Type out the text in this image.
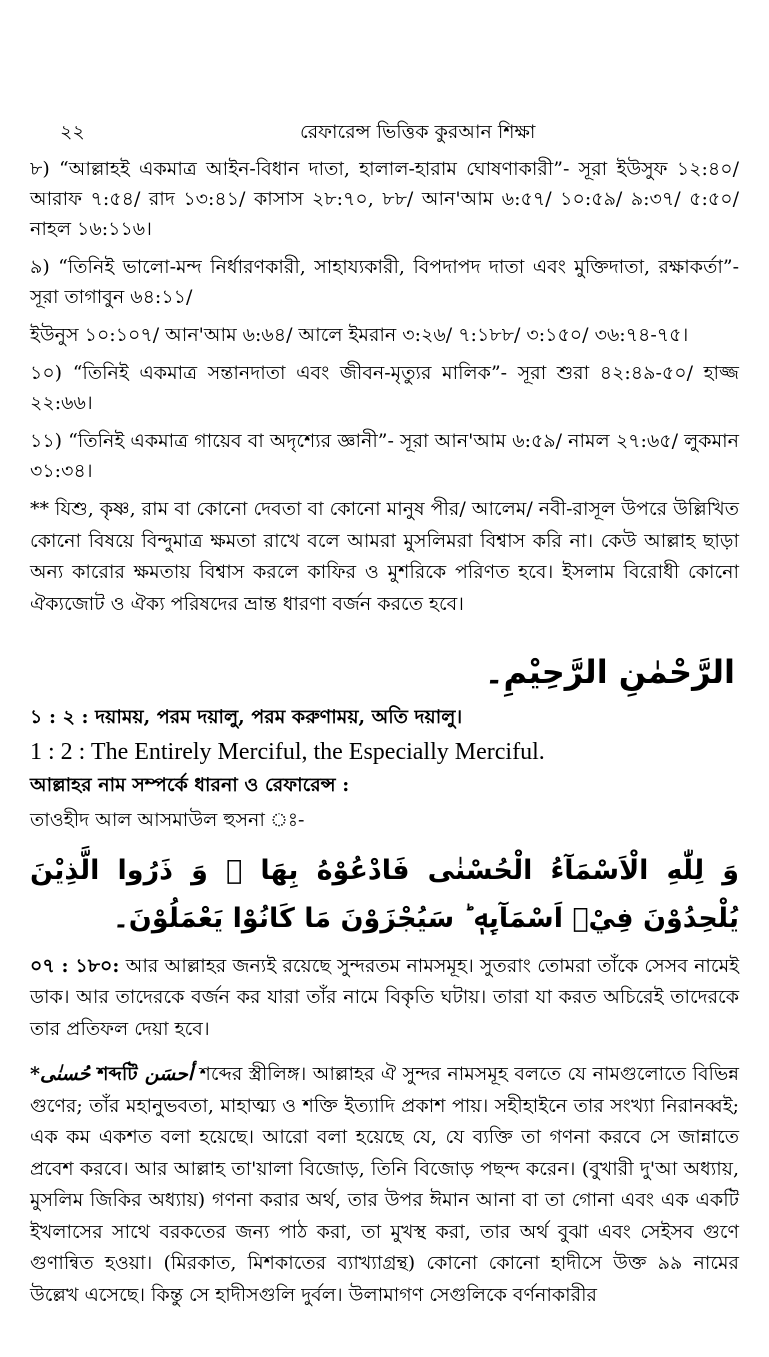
২২	রেফারেন্স ভিত্তিক কুরআন শিক্ষা

৮) “আল্লাহই একমাত্র আইন-বিধান দাতা, হালাল-হারাম ঘোষণাকারী”- সূরা ইউসুফ ১২:৪০/ আরাফ ৭:৫৪/ রাদ ১৩:৪১/ কাসাস ২৮:৭০, ৮৮/ আন'আম ৬:৫৭/ ১০:৫৯/ ৯:৩৭/ ৫:৫০/ নাহল ১৬:১১৬।

৯) “তিনিই ভালো-মন্দ নির্ধারণকারী, সাহায্যকারী, বিপদাপদ দাতা এবং মুক্তিদাতা, রক্ষাকর্তা”- সূরা তাগাবুন ৬৪:১১/

ইউনুস ১০:১০৭/ আন'আম ৬:৬৪/ আলে ইমরান ৩:২৬/ ৭:১৮৮/ ৩:১৫০/ ৩৬:৭৪-৭৫।

১০) “তিনিই একমাত্র সন্তানদাতা এবং জীবন-মৃত্যুর মালিক”- সূরা শুরা ৪২:৪৯-৫০/ হাজ্জ ২২:৬৬।

১১) “তিনিই একমাত্র গায়েব বা অদৃশ্যের জ্ঞানী”- সূরা আন'আম ৬:৫৯/ নামল ২৭:৬৫/ লুকমান ৩১:৩৪।

** যিশু, কৃষ্ণ, রাম বা কোনো দেবতা বা কোনো মানুষ পীর/ আলেম/ নবী-রাসূল উপরে উল্লিখিত কোনো বিষয়ে বিন্দুমাত্র ক্ষমতা রাখে বলে আমরা মুসলিমরা বিশ্বাস করি না। কেউ আল্লাহ ছাড়া অন্য কারোর ক্ষমতায় বিশ্বাস করলে কাফির ও মুশরিকে পরিণত হবে। ইসলাম বিরোধী কোনো ঐক্যজোট ও ঐক্য পরিষদের ভ্রান্ত ধারণা বর্জন করতে হবে।

الرَّحْمٰنِ الرَّحِيْمِ۔

১ : ২ : দয়াময়, পরম দয়ালু, পরম করুণাময়, অতি দয়ালু।

1 : 2 : The Entirely Merciful, the Especially Merciful.

আল্লাহর নাম সম্পর্কে ধারনা ও রেফারেন্স :

তাওহীদ আল আসমাউল হুসনা ঃ-

وَ لِلّٰهِ الْاَسْمَآءُ الْحُسْنٰى فَادْعُوْهُ بِهَا ۪ وَ ذَرُوا الَّذِيْنَ يُلْحِدُوْنَ فِيْۤ اَسْمَآىِٕهٖ ؕ سَيُجْزَوْنَ مَا كَانُوْا يَعْمَلُوْنَ۔

০৭ : ১৮০: আর আল্লাহর জন্যই রয়েছে সুন্দরতম নামসমূহ। সুতরাং তোমরা তাঁকে সেসব নামেই ডাক। আর তাদেরকে বর্জন কর যারা তাঁর নামে বিকৃতি ঘটায়। তারা যা করত অচিরেই তাদেরকে তার প্রতিফল দেয়া হবে।

*حُسنٰى শব্দটি أحسَن শব্দের স্ত্রীলিঙ্গ। আল্লাহর ঐ সুন্দর নামসমূহ বলতে যে নামগুলোতে বিভিন্ন গুণের; তাঁর মহানুভবতা, মাহাত্ম্য ও শক্তি ইত্যাদি প্রকাশ পায়। সহীহাইনে তার সংখ্যা নিরানব্বই; এক কম একশত বলা হয়েছে। আরো বলা হয়েছে যে, যে ব্যক্তি তা গণনা করবে সে জান্নাতে প্রবেশ করবে। আর আল্লাহ তা'য়ালা বিজোড়, তিনি বিজোড় পছন্দ করেন। (বুখারী দু'আ অধ্যায়, মুসলিম জিকির অধ্যায়) গণনা করার অর্থ, তার উপর ঈমান আনা বা তা গোনা এবং এক একটি ইখলাসের সাথে বরকতের জন্য পাঠ করা, তা মুখস্থ করা, তার অর্থ বুঝা এবং সেইসব গুণে গুণান্বিত হওয়া। (মিরকাত, মিশকাতের ব্যাখ্যাগ্রন্থ) কোনো কোনো হাদীসে উক্ত ৯৯ নামের উল্লেখ এসেছে। কিন্তু সে হাদীসগুলি দুর্বল। উলামাগণ সেগুলিকে বর্ণনাকারীর
